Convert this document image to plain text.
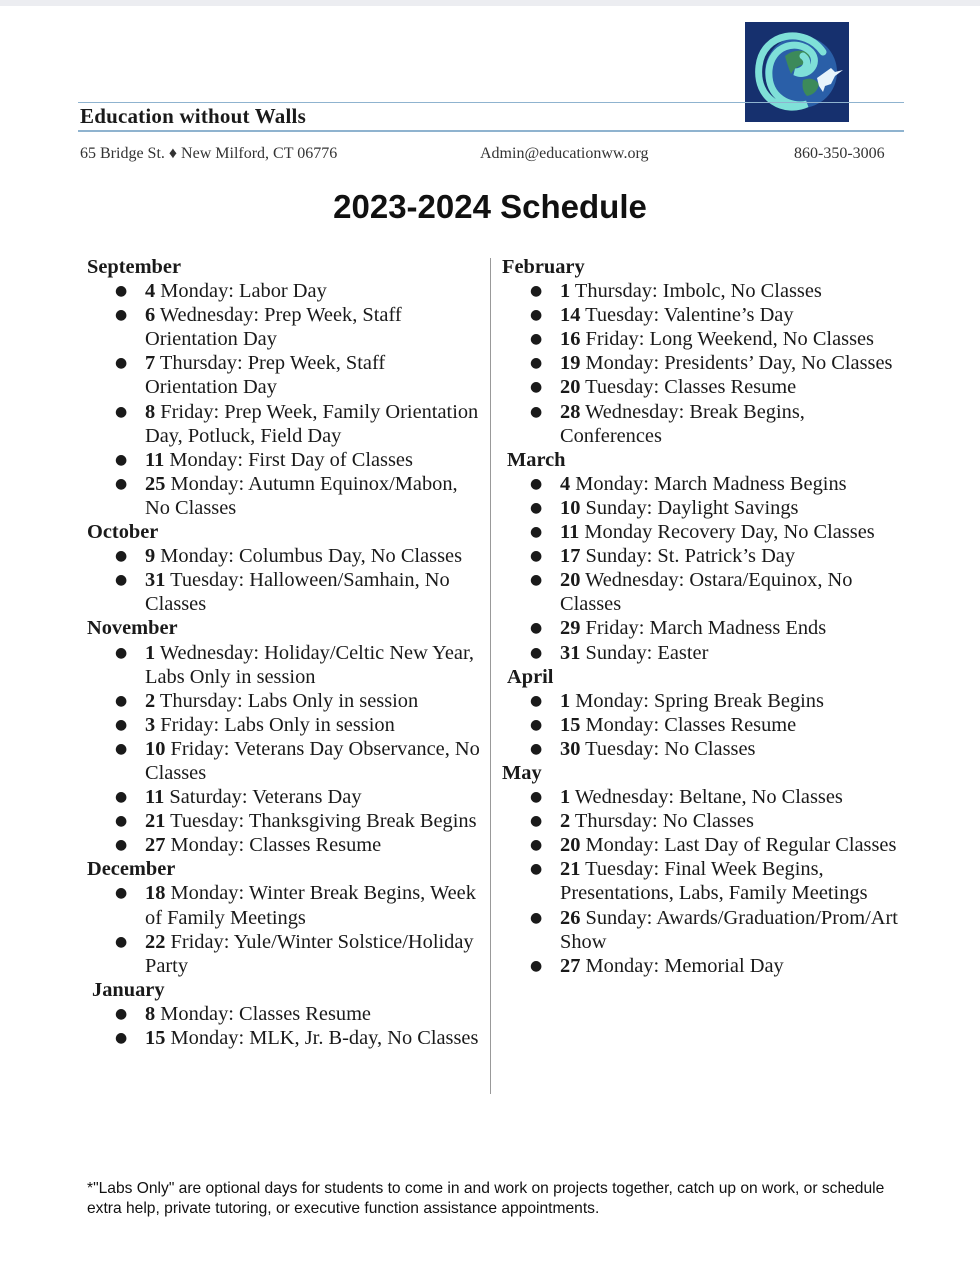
Education without Walls
65 Bridge St. ♦ New Milford, CT 06776	Admin@educationww.org	860-350-3006
2023-2024 Schedule
September
● 4 Monday: Labor Day
● 6 Wednesday: Prep Week, Staff Orientation Day
● 7 Thursday: Prep Week, Staff Orientation Day
● 8 Friday: Prep Week, Family Orientation Day, Potluck, Field Day
● 11 Monday: First Day of Classes
● 25 Monday: Autumn Equinox/Mabon, No Classes
October
● 9 Monday: Columbus Day, No Classes
● 31 Tuesday: Halloween/Samhain, No Classes
November
● 1 Wednesday: Holiday/Celtic New Year, Labs Only in session
● 2 Thursday: Labs Only in session
● 3 Friday: Labs Only in session
● 10 Friday: Veterans Day Observance, No Classes
● 11 Saturday: Veterans Day
● 21 Tuesday: Thanksgiving Break Begins
● 27 Monday: Classes Resume
December
● 18 Monday: Winter Break Begins, Week of Family Meetings
● 22 Friday: Yule/Winter Solstice/Holiday Party
January
● 8 Monday: Classes Resume
● 15 Monday: MLK, Jr. B-day, No Classes
February
● 1 Thursday: Imbolc, No Classes
● 14 Tuesday: Valentine’s Day
● 16 Friday: Long Weekend, No Classes
● 19 Monday: Presidents’ Day, No Classes
● 20 Tuesday: Classes Resume
● 28 Wednesday: Break Begins, Conferences
March
● 4 Monday: March Madness Begins
● 10 Sunday: Daylight Savings
● 11 Monday Recovery Day, No Classes
● 17 Sunday: St. Patrick’s Day
● 20 Wednesday: Ostara/Equinox, No Classes
● 29 Friday: March Madness Ends
● 31 Sunday: Easter
April
● 1 Monday: Spring Break Begins
● 15 Monday: Classes Resume
● 30 Tuesday: No Classes
May
● 1 Wednesday: Beltane, No Classes
● 2 Thursday: No Classes
● 20 Monday: Last Day of Regular Classes
● 21 Tuesday: Final Week Begins, Presentations, Labs, Family Meetings
● 26 Sunday: Awards/Graduation/Prom/Art Show
● 27 Monday: Memorial Day
*"Labs Only" are optional days for students to come in and work on projects together, catch up on work, or schedule extra help, private tutoring, or executive function assistance appointments.
